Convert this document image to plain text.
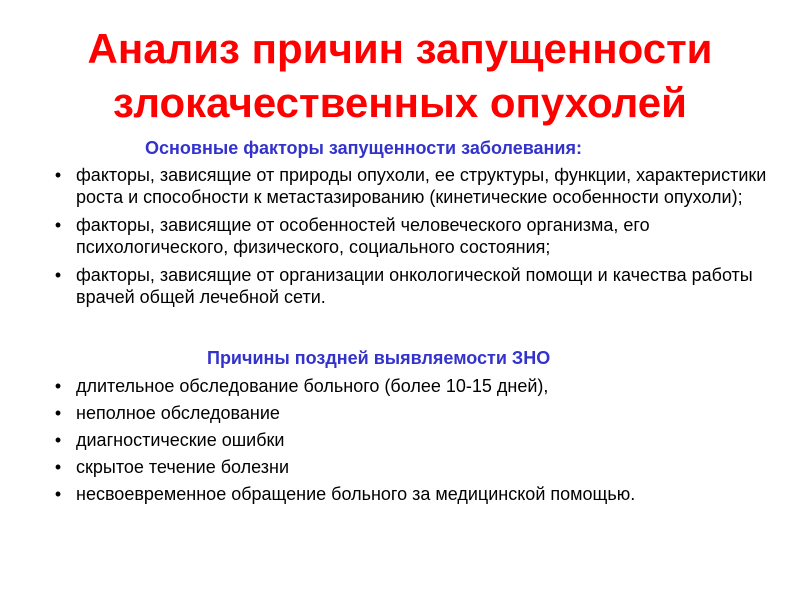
Анализ причин запущенности
злокачественных опухолей

Основные факторы запущенности заболевания:

• факторы, зависящие от природы опухоли, ее структуры, функции, характеристики роста и способности к метастазированию (кинетические особенности опухоли);
• факторы, зависящие от особенностей человеческого организма, его психологического, физического, социального состояния;
• факторы, зависящие от организации онкологической помощи и качества работы врачей общей лечебной сети.

Причины поздней выявляемости ЗНО

• длительное обследование больного (более 10-15 дней),
• неполное обследование
• диагностические ошибки
• скрытое течение болезни
• несвоевременное обращение больного за медицинской помощью.
